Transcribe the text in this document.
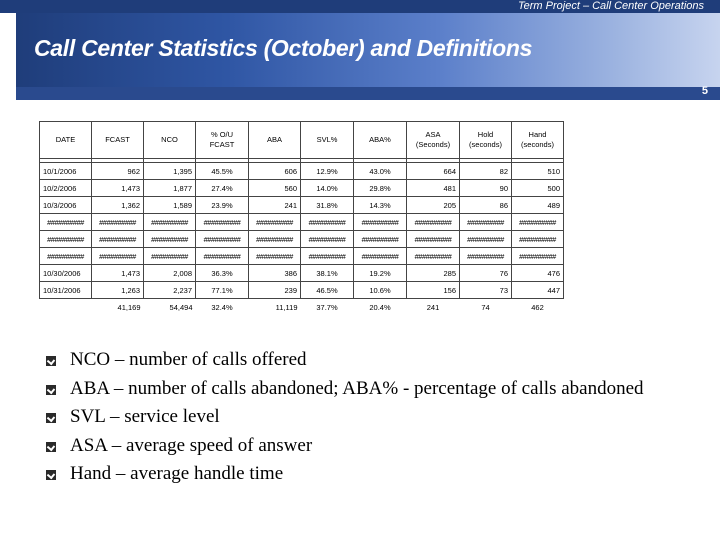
Term Project – Call Center Operations
Call Center Statistics (October) and Definitions
5
DATE	FCAST	NCO	% O/U FCAST	ABA	SVL%	ABA%	ASA (Seconds)	Hold (seconds)	Hand (seconds)

10/1/2006	962	1,395	45.5%	606	12.9%	43.0%	664	82	510
10/2/2006	1,473	1,877	27.4%	560	14.0%	29.8%	481	90	500
10/3/2006	1,362	1,589	23.9%	241	31.8%	14.3%	205	86	489
##########	##########	##########	##########	##########	##########	##########	##########	##########	##########
##########	##########	##########	##########	##########	##########	##########	##########	##########	##########
##########	##########	##########	##########	##########	##########	##########	##########	##########	##########
10/30/2006	1,473	2,008	36.3%	386	38.1%	19.2%	285	76	476
10/31/2006	1,263	2,237	77.1%	239	46.5%	10.6%	156	73	447
	41,169	54,494	32.4%	11,119	37.7%	20.4%	241	74	462
NCO – number of calls offered
ABA – number of calls abandoned; ABA% - percentage of calls abandoned
SVL – service level
ASA – average speed of answer
Hand – average handle time
